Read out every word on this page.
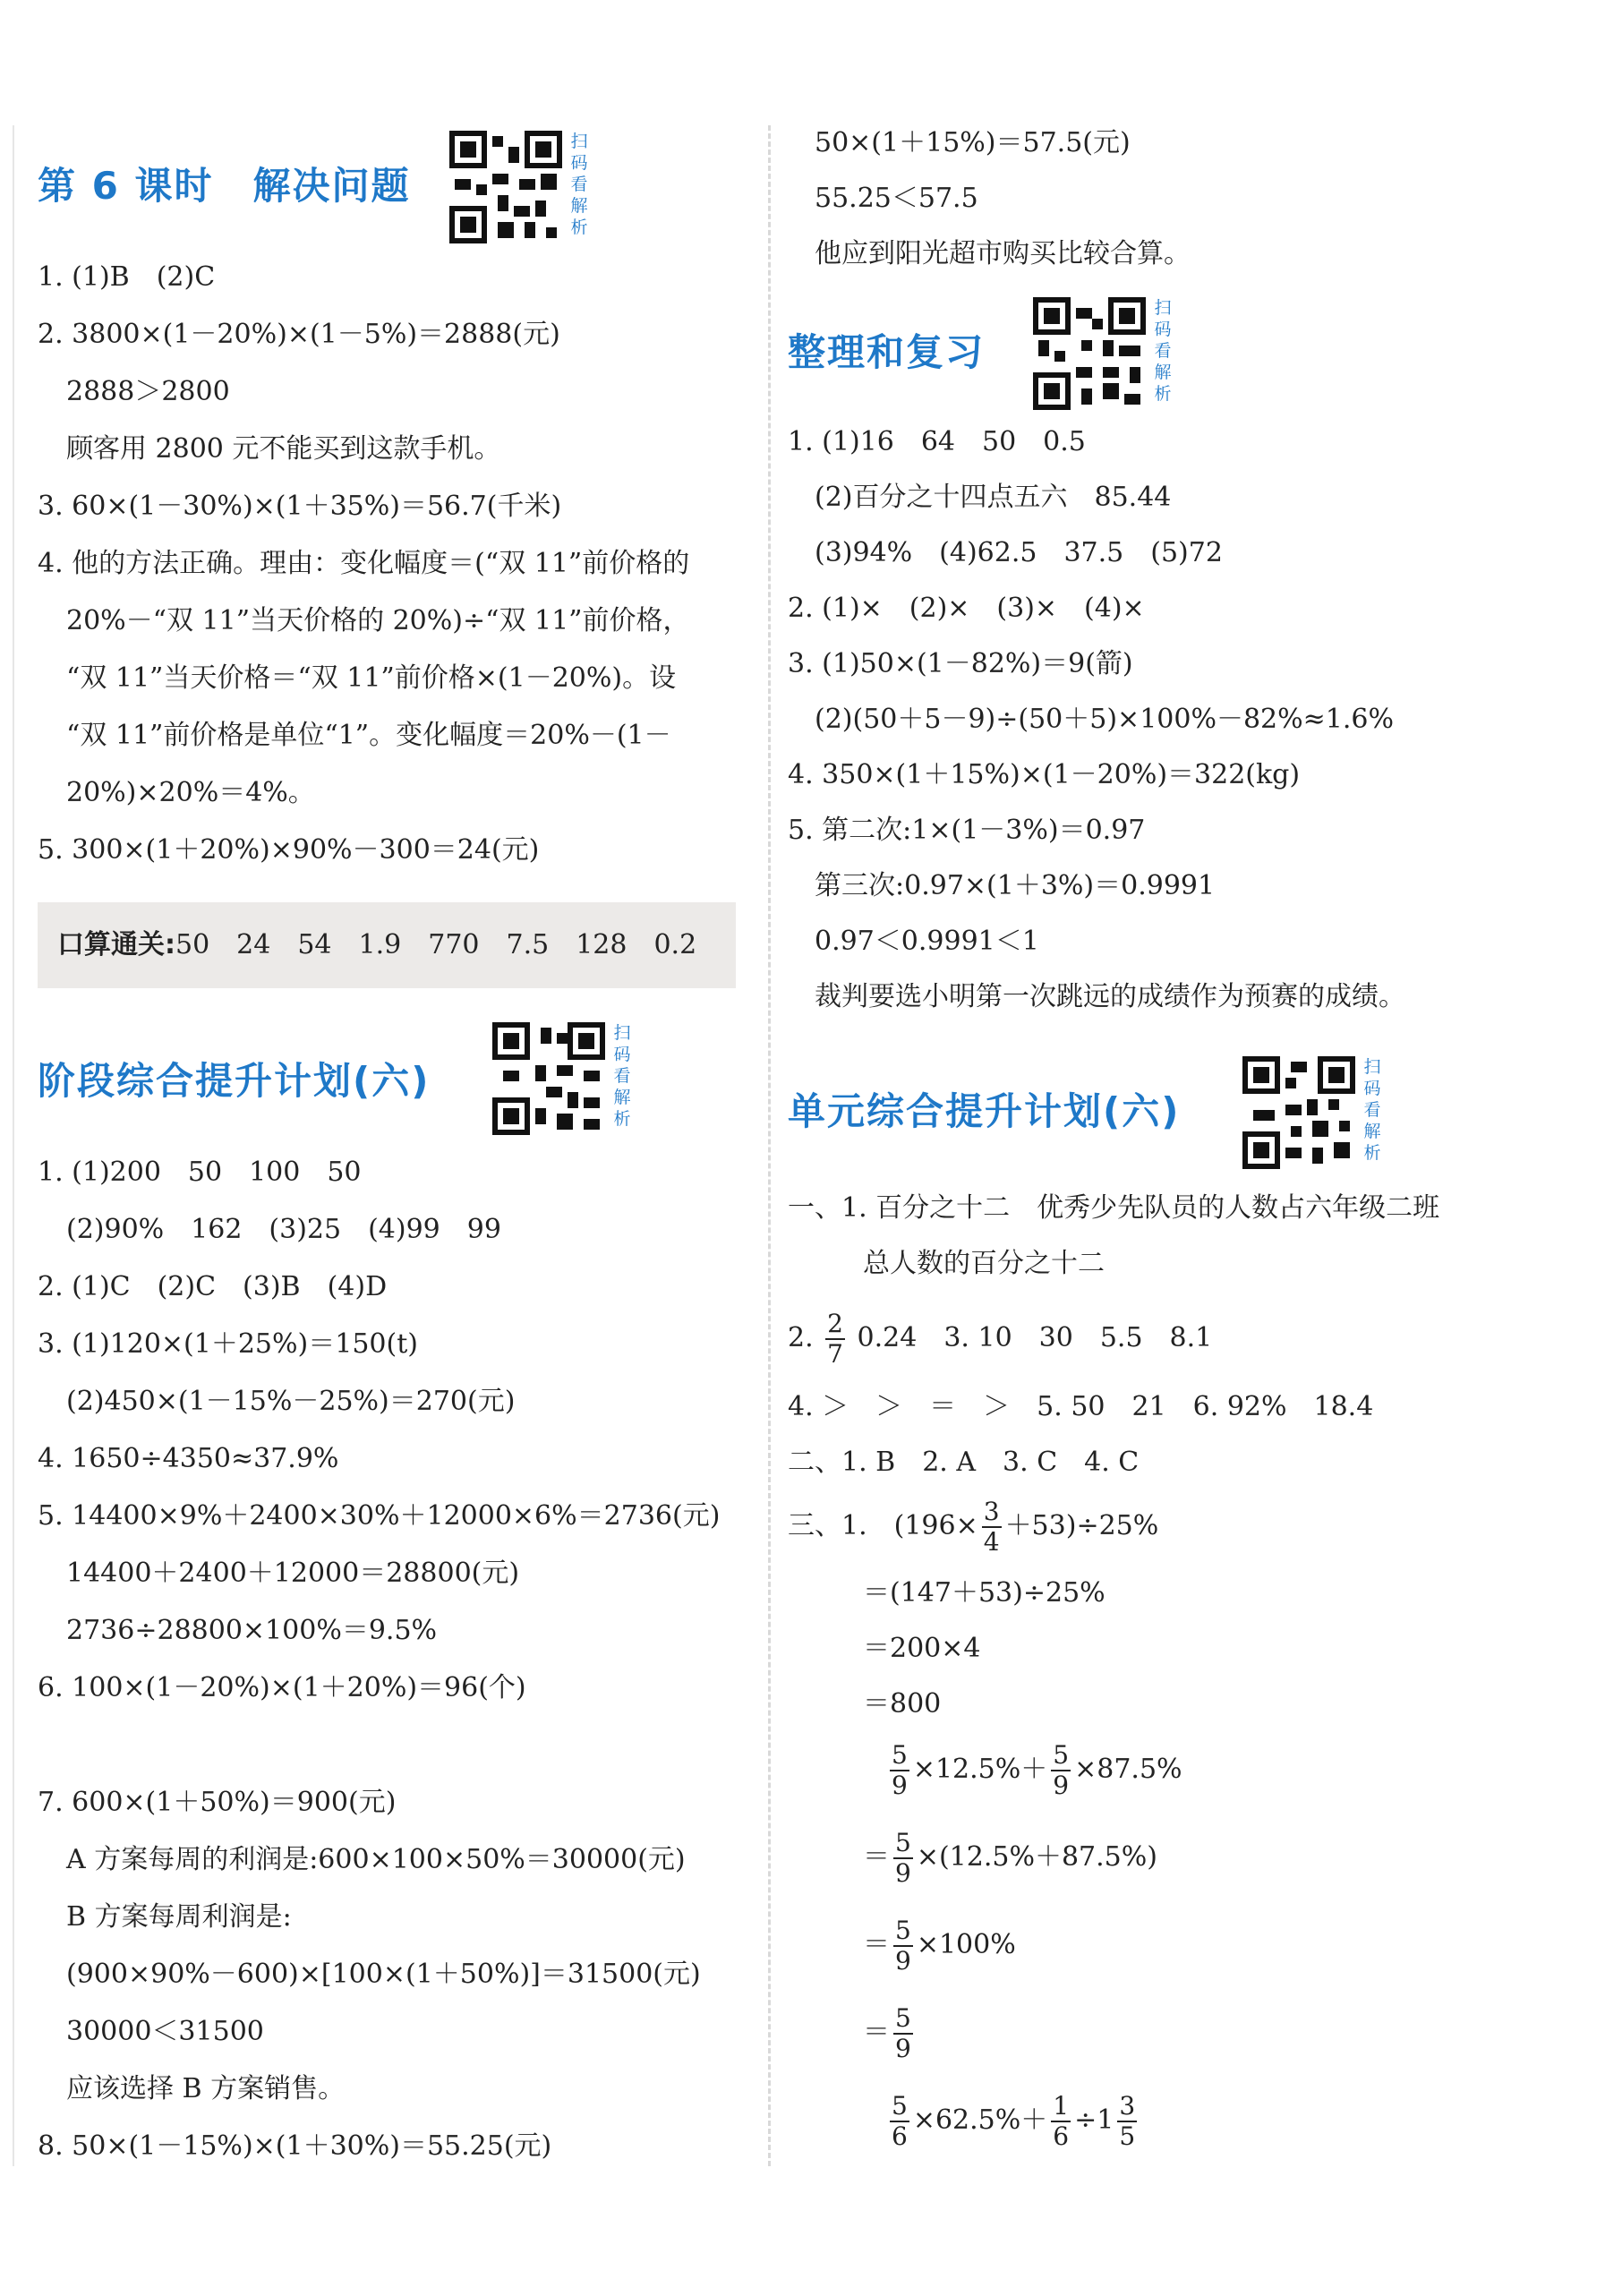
第 6 课时　解决问题
扫码看解析
1. (1)B　(2)C
2. 3800×(1－20%)×(1－5%)＝2888(元)
2888＞2800
顾客用 2800 元不能买到这款手机。
3. 60×(1－30%)×(1＋35%)＝56.7(千米)
4. 他的方法正确。理由：变化幅度＝(“双 11”前价格的
20%－“双 11”当天价格的 20%)÷“双 11”前价格，
“双 11”当天价格＝“双 11”前价格×(1－20%)。设
“双 11”前价格是单位“1”。变化幅度＝20%－(1－
20%)×20%＝4%。
5. 300×(1＋20%)×90%－300＝24(元)
口算通关:50　24　54　1.9　770　7.5　128　0.2
阶段综合提升计划(六)
扫码看解析
1. (1)200　50　100　50
(2)90%　162　(3)25　(4)99　99
2. (1)C　(2)C　(3)B　(4)D
3. (1)120×(1＋25%)＝150(t)
(2)450×(1－15%－25%)＝270(元)
4. 1650÷4350≈37.9%
5. 14400×9%＋2400×30%＋12000×6%＝2736(元)
14400＋2400＋12000＝28800(元)
2736÷28800×100%＝9.5%
6. 100×(1－20%)×(1＋20%)＝96(个)
7. 600×(1＋50%)＝900(元)
A 方案每周的利润是:600×100×50%＝30000(元)
B 方案每周利润是:
(900×90%－600)×[100×(1＋50%)]＝31500(元)
30000＜31500
应该选择 B 方案销售。
8. 50×(1－15%)×(1＋30%)＝55.25(元)
50×(1＋15%)＝57.5(元)
55.25＜57.5
他应到阳光超市购买比较合算。
整理和复习
扫码看解析
1. (1)16　64　50　0.5
(2)百分之十四点五六　85.44
(3)94%　(4)62.5　37.5　(5)72
2. (1)×　(2)×　(3)×　(4)×
3. (1)50×(1－82%)＝9(箭)
(2)(50＋5－9)÷(50＋5)×100%－82%≈1.6%
4. 350×(1＋15%)×(1－20%)＝322(kg)
5. 第二次:1×(1－3%)＝0.97
第三次:0.97×(1＋3%)＝0.9991
0.97＜0.9991＜1
裁判要选小明第一次跳远的成绩作为预赛的成绩。
单元综合提升计划(六)
扫码看解析
一、1. 百分之十二　优秀少先队员的人数占六年级二班
总人数的百分之十二
2. $\frac{2}{7} 0.24$　3. 10　30　5.5　8.1
4. ＞　＞　＝　＞　5. 50　21　6. 92%　18.4
二、1. B　2. A　3. C　4. C
三、1.　$(196\times \frac{3}{4} +53)\div 25\%$
＝(147＋53)÷25%
＝200×4
＝800
$\frac{5}{9} \times 12.5\%+ \frac{5}{9} \times 87.5\%$
＝ $\frac{5}{9} \times(12.5\%+87.5\%)$
＝ $\frac{5}{9} \times 100\%$
＝ $\frac{5}{9}$
$\frac{5}{6} \times 62.5\%+ \frac{1}{6} \div 1 \frac{3}{5}$
